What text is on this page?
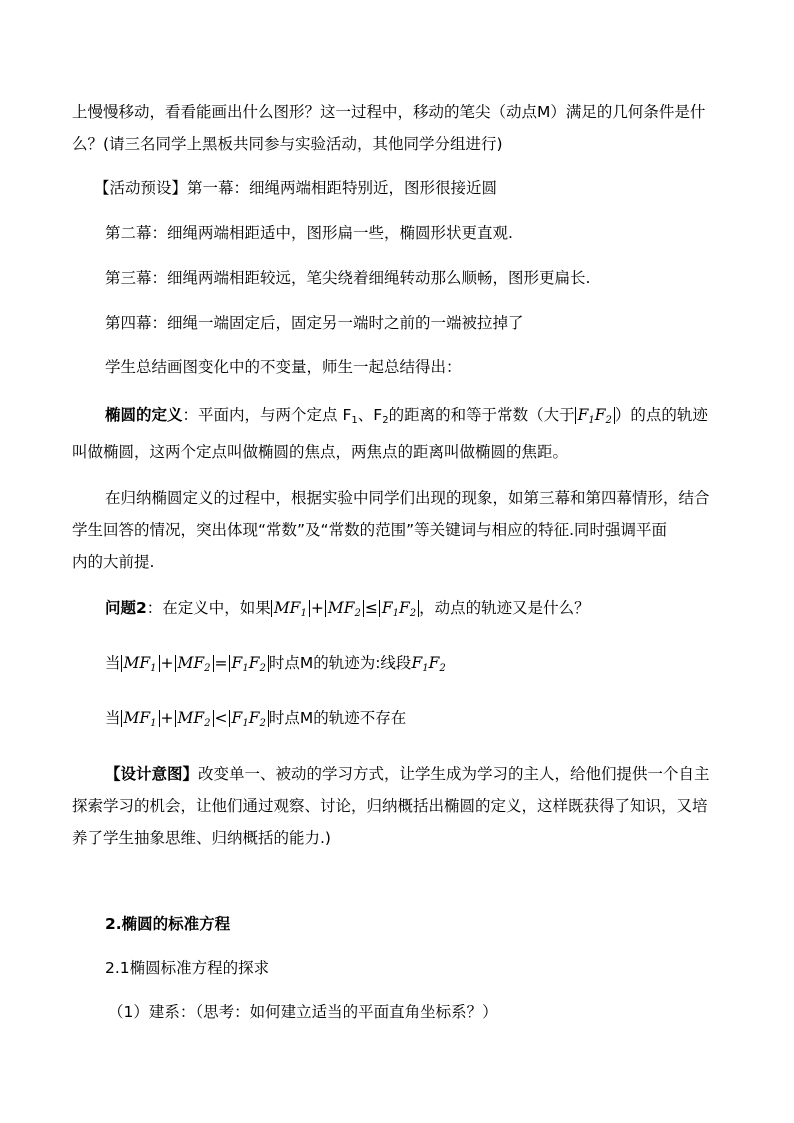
上慢慢移动，看看能画出什么图形？这一过程中，移动的笔尖（动点M）满足的几何条件是什
么？(请三名同学上黑板共同参与实验活动，其他同学分组进行)
【活动预设】第一幕：细绳两端相距特别近，图形很接近圆
第二幕：细绳两端相距适中，图形扁一些，椭圆形状更直观.
第三幕：细绳两端相距较远，笔尖绕着细绳转动那么顺畅，图形更扁长.
第四幕：细绳一端固定后，固定另一端时之前的一端被拉掉了
学生总结画图变化中的不变量，师生一起总结得出：
椭圆的定义：平面内，与两个定点 $F_1$、$F_2$的距离的和等于常数（大于 $F_1F_2$ ）的点的轨迹
叫做椭圆，这两个定点叫做椭圆的焦点，两焦点的距离叫做椭圆的焦距。
在归纳椭圆定义的过程中，根据实验中同学们出现的现象，如第三幕和第四幕情形，结合
学生回答的情况，突出体现“常数”及“常数的范围”等关键词与相应的特征.同时强调平面
内的大前提.
问题2：在定义中，如果 $MF_1 + MF_2 \le F_1F_2$ ，动点的轨迹又是什么？
当 $MF_1 + MF_2 = F_1F_2$ 时点M的轨迹为:线段$F_1F_2$
当 $MF_1 + MF_2 < F_1F_2$ 时点M的轨迹不存在
【设计意图】改变单一、被动的学习方式，让学生成为学习的主人，给他们提供一个自主
探索学习的机会，让他们通过观察、讨论，归纳概括出椭圆的定义，这样既获得了知识，又培
养了学生抽象思维、归纳概括的能力.)
2.椭圆的标准方程
2.1椭圆标准方程的探求
（1）建系：（思考：如何建立适当的平面直角坐标系？）
